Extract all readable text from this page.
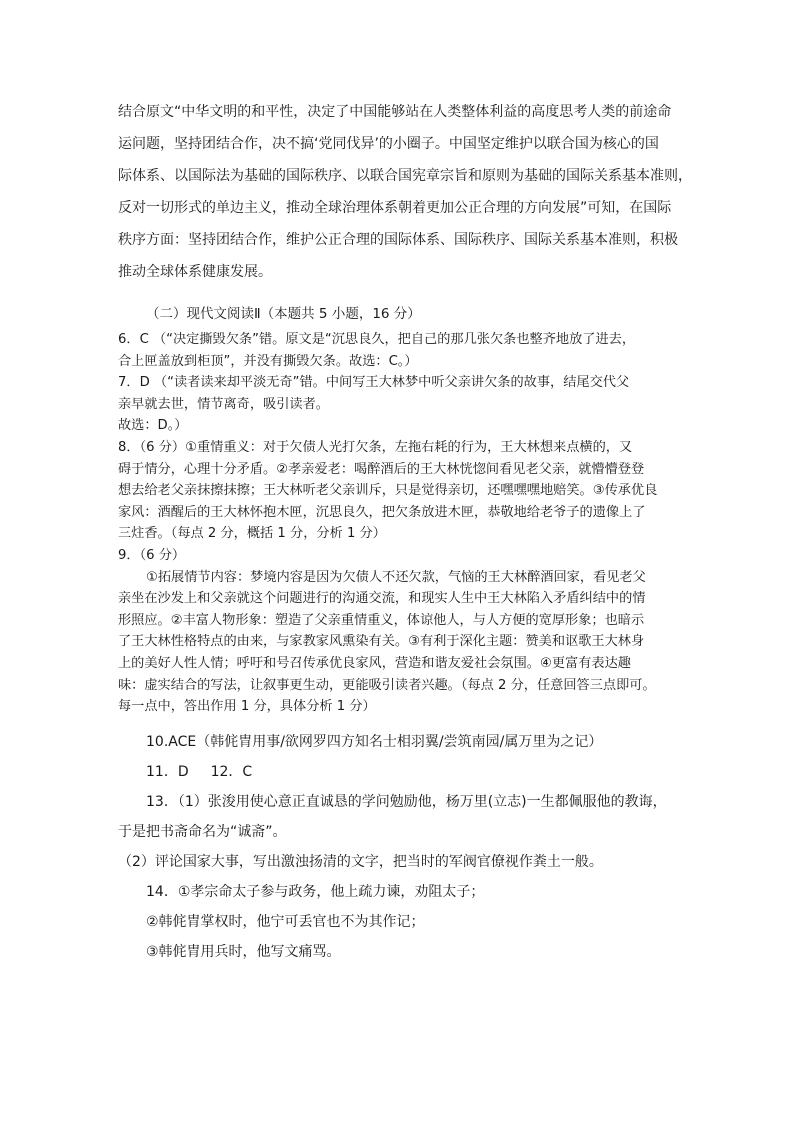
结合原文“中华文明的和平性，决定了中国能够站在人类整体利益的高度思考人类的前途命

运问题，坚持团结合作，决不搞‘党同伐异’的小圈子。中国坚定维护以联合国为核心的国

际体系、以国际法为基础的国际秩序、以联合国宪章宗旨和原则为基础的国际关系基本准则，

反对一切形式的单边主义，推动全球治理体系朝着更加公正合理的方向发展”可知，在国际

秩序方面：坚持团结合作，维护公正合理的国际体系、国际秩序、国际关系基本准则，积极

推动全球体系健康发展。

（二）现代文阅读Ⅱ（本题共 5 小题，16 分）

6．C （“决定撕毁欠条”错。原文是“沉思良久，把自己的那几张欠条也整齐地放了进去，

合上匣盖放到柜顶”，并没有撕毁欠条。故选：C。）

7．D （“读者读来却平淡无奇”错。中间写王大林梦中听父亲讲欠条的故事，结尾交代父

亲早就去世，情节离奇，吸引读者。

故选：D。）

8．（6 分）①重情重义：对于欠债人光打欠条，左拖右耗的行为，王大林想来点横的，又

碍于情分，心理十分矛盾。②孝亲爱老：喝醉酒后的王大林恍惚间看见老父亲，就懵懵登登

想去给老父亲抹擦抹擦；王大林听老父亲训斥，只是觉得亲切，还嘿嘿嘿地赔笑。③传承优良

家风：酒醒后的王大林怀抱木匣，沉思良久，把欠条放进木匣，恭敬地给老爷子的遗像上了

三炷香。（每点 2 分，概括 1 分，分析 1 分）

9．（6 分）

①拓展情节内容：梦境内容是因为欠债人不还欠款，气恼的王大林醉酒回家，看见老父

亲坐在沙发上和父亲就这个问题进行的沟通交流，和现实人生中王大林陷入矛盾纠结中的情

形照应。②丰富人物形象：塑造了父亲重情重义，体谅他人，与人方便的宽厚形象；也暗示

了王大林性格特点的由来，与家教家风熏染有关。③有利于深化主题：赞美和讴歌王大林身

上的美好人性人情；呼吁和号召传承优良家风，营造和谐友爱社会氛围。④更富有表达趣

味：虚实结合的写法，让叙事更生动，更能吸引读者兴趣。（每点 2 分，任意回答三点即可。

每一点中，答出作用 1 分，具体分析 1 分）

10.ACE（韩侂胄用事/欲网罗四方知名士相羽翼/尝筑南园/属万里为之记）

11．D 12．C

13．（1）张浚用使心意正直诚恳的学问勉励他，杨万里(立志)一生都佩服他的教诲，

于是把书斋命名为“诚斋”。

（2）评论国家大事，写出激浊扬清的文字，把当时的军阀官僚视作粪土一般。

14．①孝宗命太子参与政务，他上疏力谏，劝阻太子；

②韩侂胄掌权时，他宁可丢官也不为其作记；

③韩侂胄用兵时，他写文痛骂。
